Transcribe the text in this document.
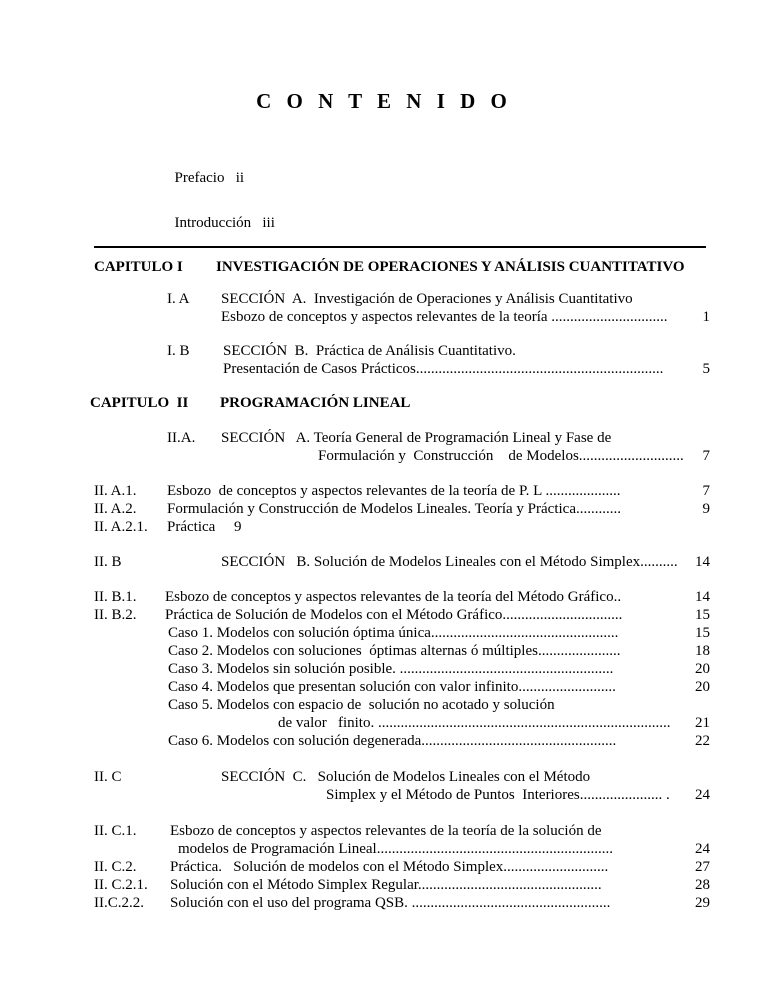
C O N T E N I D O

Prefacio ii

Introducción iii

CAPITULO I INVESTIGACIÓN DE OPERACIONES Y ANÁLISIS CUANTITATIVO
I. A SECCIÓN  A.  Investigación de Operaciones y Análisis Cuantitativo
Esbozo de conceptos y aspectos relevantes de la teoría ...............................	1
I. B SECCIÓN  B.  Práctica de Análisis Cuantitativo.
Presentación de Casos Prácticos..................................................................	5
CAPITULO  II PROGRAMACIÓN LINEAL
II.A. SECCIÓN   A. Teoría General de Programación Lineal y Fase de
Formulación y  Construcción    de Modelos............................	7
II. A.1. Esbozo  de conceptos y aspectos relevantes de la teoría de P. L ....................	7
II. A.2. Formulación y Construcción de Modelos Lineales. Teoría y Práctica............	9
II. A.2.1. Práctica     9
II. B	SECCIÓN   B. Solución de Modelos Lineales con el Método Simplex..........	14
II. B.1. Esbozo de conceptos y aspectos relevantes de la teoría del Método Gráfico..	14
II. B.2. Práctica de Solución de Modelos con el Método Gráfico................................	15
Caso 1. Modelos con solución óptima única..................................................	15
Caso 2. Modelos con soluciones  óptimas alternas ó múltiples......................	18
Caso 3. Modelos sin solución posible. .........................................................	20
Caso 4. Modelos que presentan solución con valor infinito..........................	20
Caso 5. Modelos con espacio de  solución no acotado y solución
de valor   finito. ..............................................................................	21
Caso 6. Modelos con solución degenerada....................................................	22
II. C	SECCIÓN  C.   Solución de Modelos Lineales con el Método
Simplex y el Método de Puntos  Interiores...................... .	24
II. C.1. Esbozo de conceptos y aspectos relevantes de la teoría de la solución de
modelos de Programación Lineal...............................................................	24
II. C.2. Práctica.   Solución de modelos con el Método Simplex............................	27
II. C.2.1. Solución con el Método Simplex Regular.................................................	28
II.C.2.2. Solución con el uso del programa QSB. .....................................................	29
